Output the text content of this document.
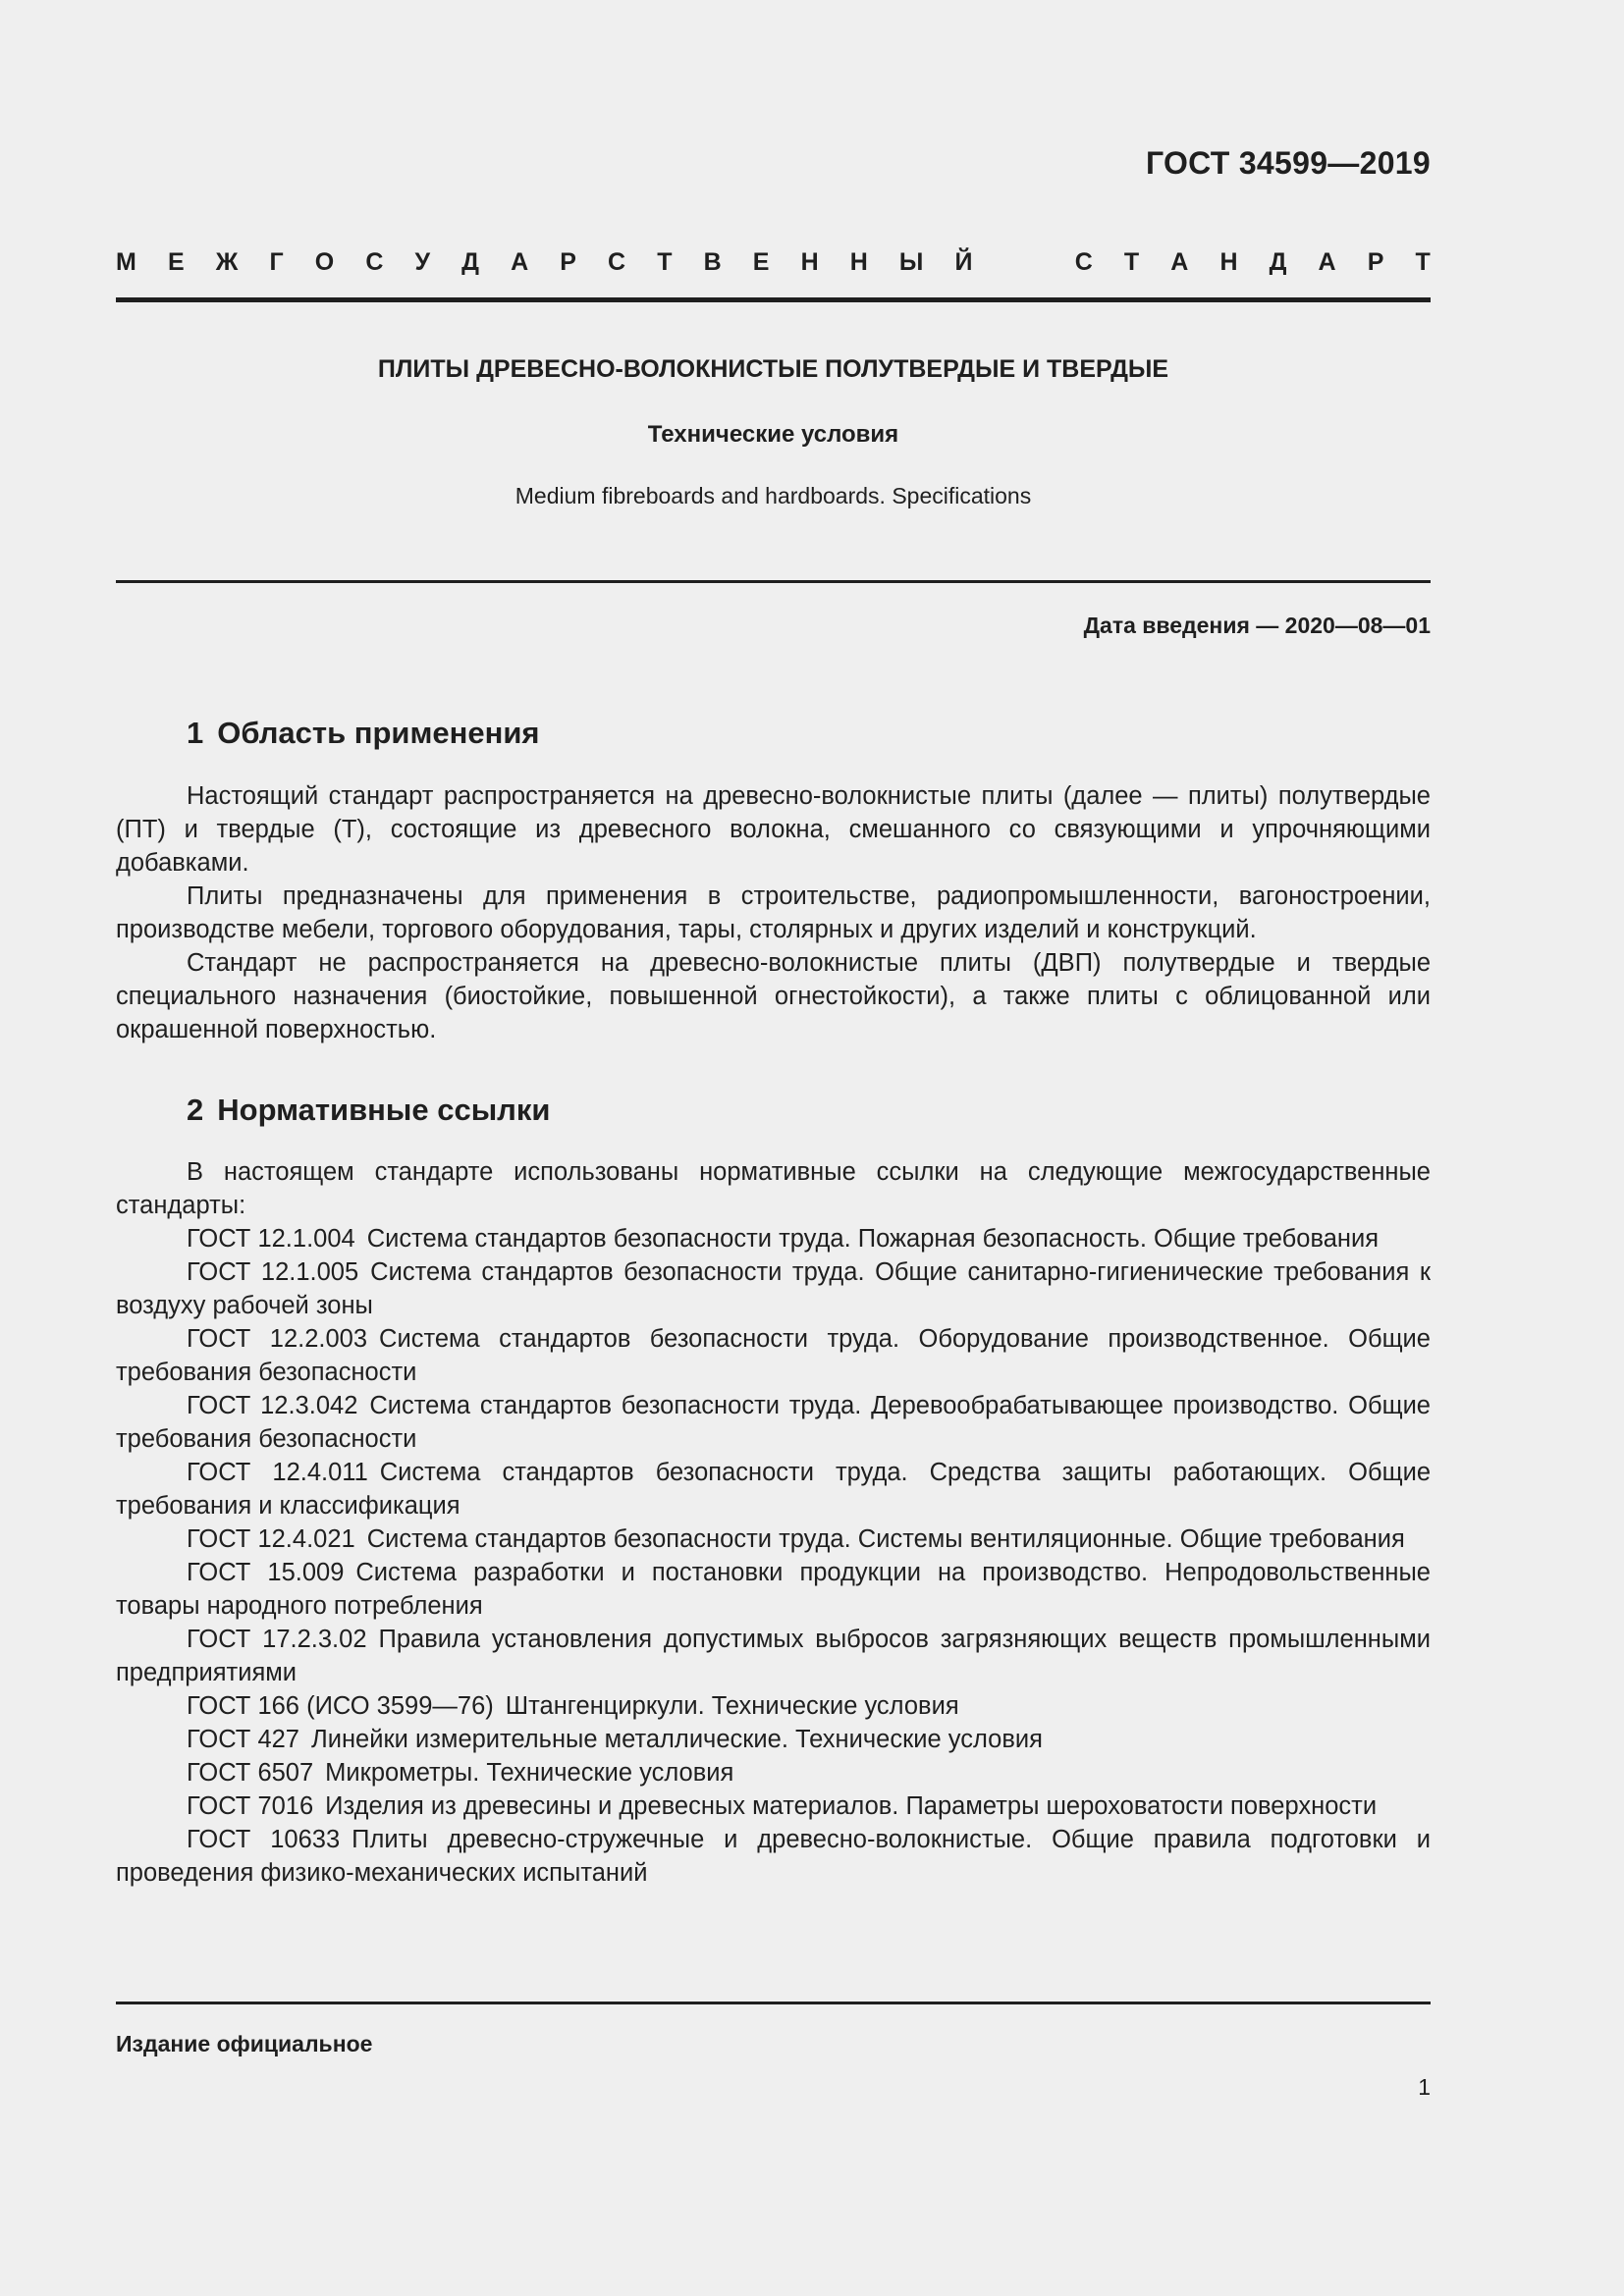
ГОСТ 34599—2019
М Е Ж Г О С У Д А Р С Т В Е Н Н Ы Й	С Т А Н Д А Р Т
ПЛИТЫ ДРЕВЕСНО-ВОЛОКНИСТЫЕ ПОЛУТВЕРДЫЕ И ТВЕРДЫЕ
Технические условия
Medium fibreboards and hardboards. Specifications
Дата введения — 2020—08—01
1 Область применения

Настоящий стандарт распространяется на древесно-волокнистые плиты (далее — плиты) полутвердые (ПТ) и твердые (Т), состоящие из древесного волокна, смешанного со связующими и упрочняющими добавками.

Плиты предназначены для применения в строительстве, радиопромышленности, вагоностроении, производстве мебели, торгового оборудования, тары, столярных и других изделий и конструкций.

Стандарт не распространяется на древесно-волокнистые плиты (ДВП) полутвердые и твердые специального назначения (биостойкие, повышенной огнестойкости), а также плиты с облицованной или окрашенной поверхностью.

2 Нормативные ссылки

В настоящем стандарте использованы нормативные ссылки на следующие межгосударственные стандарты:

ГОСТ 12.1.004 Система стандартов безопасности труда. Пожарная безопасность. Общие требования

ГОСТ 12.1.005 Система стандартов безопасности труда. Общие санитарно-гигиенические требования к воздуху рабочей зоны

ГОСТ 12.2.003 Система стандартов безопасности труда. Оборудование производственное. Общие требования безопасности

ГОСТ 12.3.042 Система стандартов безопасности труда. Деревообрабатывающее производство. Общие требования безопасности

ГОСТ 12.4.011 Система стандартов безопасности труда. Средства защиты работающих. Общие требования и классификация

ГОСТ 12.4.021 Система стандартов безопасности труда. Системы вентиляционные. Общие требования

ГОСТ 15.009 Система разработки и постановки продукции на производство. Непродовольственные товары народного потребления

ГОСТ 17.2.3.02 Правила установления допустимых выбросов загрязняющих веществ промышленными предприятиями

ГОСТ 166 (ИСО 3599—76) Штангенциркули. Технические условия

ГОСТ 427 Линейки измерительные металлические. Технические условия

ГОСТ 6507 Микрометры. Технические условия

ГОСТ 7016 Изделия из древесины и древесных материалов. Параметры шероховатости поверхности

ГОСТ 10633 Плиты древесно-стружечные и древесно-волокнистые. Общие правила подготовки и проведения физико-механических испытаний

Издание официальное
1
